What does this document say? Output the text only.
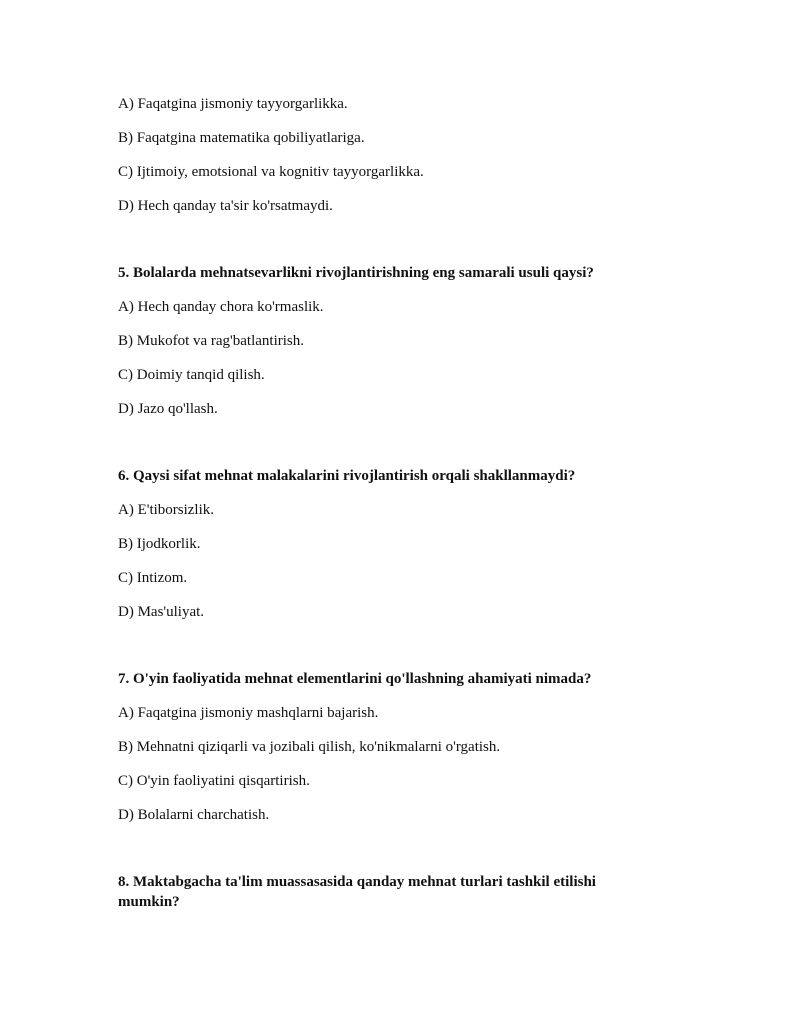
A) Faqatgina jismoniy tayyorgarlikka.
B) Faqatgina matematika qobiliyatlariga.
C) Ijtimoiy, emotsional va kognitiv tayyorgarlikka.
D) Hech qanday ta'sir ko'rsatmaydi.
5. Bolalarda mehnatsevarlikni rivojlantirishning eng samarali usuli qaysi?
A) Hech qanday chora ko'rmaslik.
B) Mukofot va rag'batlantirish.
C) Doimiy tanqid qilish.
D) Jazo qo'llash.
6. Qaysi sifat mehnat malakalarini rivojlantirish orqali shakllanmaydi?
A) E'tiborsizlik.
B) Ijodkorlik.
C) Intizom.
D) Mas'uliyat.
7. O'yin faoliyatida mehnat elementlarini qo'llashning ahamiyati nimada?
A) Faqatgina jismoniy mashqlarni bajarish.
B) Mehnatni qiziqarli va jozibali qilish, ko'nikmalarni o'rgatish.
C) O'yin faoliyatini qisqartirish.
D) Bolalarni charchatish.
8. Maktabgacha ta'lim muassasasida qanday mehnat turlari tashkil etilishi mumkin?
